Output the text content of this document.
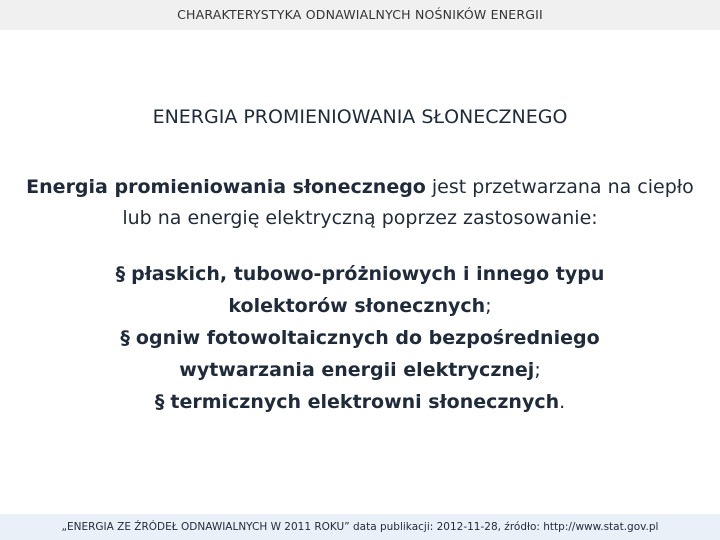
CHARAKTERYSTYKA ODNAWIALNYCH NOŚNIKÓW ENERGII
ENERGIA PROMIENIOWANIA SŁONECZNEGO

Energia promieniowania słonecznego jest przetwarzana na ciepło lub na energię elektryczną poprzez zastosowanie:

§ płaskich, tubowo-próżniowych i innego typu kolektorów słonecznych;
§ ogniw fotowoltaicznych do bezpośredniego wytwarzania energii elektrycznej;
§ termicznych elektrowni słonecznych.
„ENERGIA ZE ŹRÓDEŁ ODNAWIALNYCH W 2011 ROKU” data publikacji: 2012-11-28, źródło: http://www.stat.gov.pl
